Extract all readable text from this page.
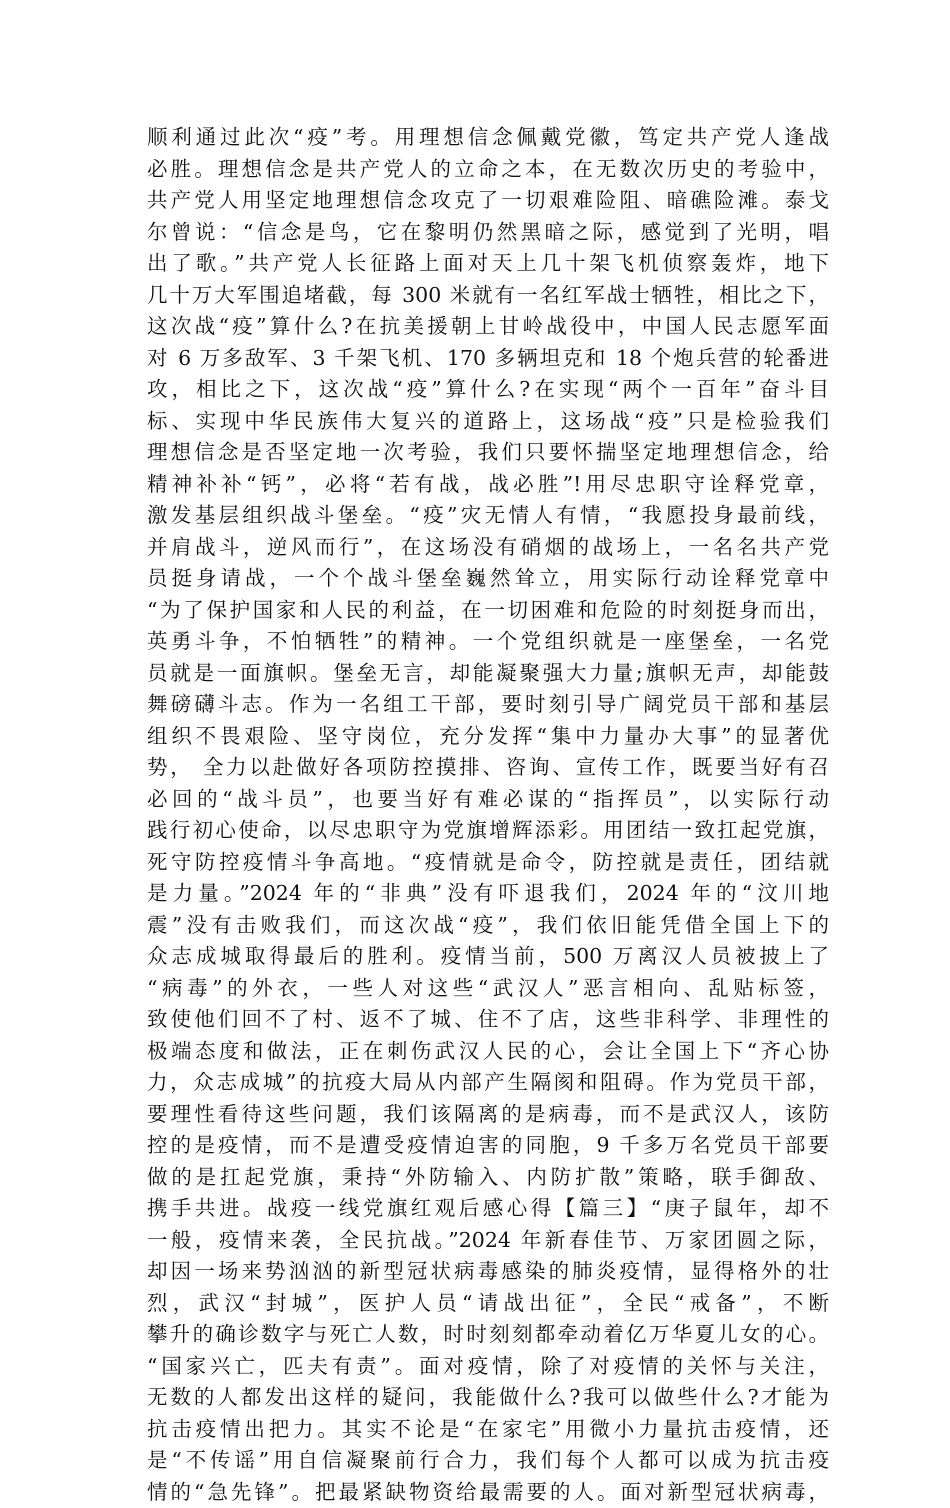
顺利通过此次“疫”考。用理想信念佩戴党徽，笃定共产党人逢战
必胜。理想信念是共产党人的立命之本，在无数次历史的考验中，
共产党人用坚定地理想信念攻克了一切艰难险阻、暗礁险滩。泰戈
尔曾说：“信念是鸟，它在黎明仍然黑暗之际，感觉到了光明，唱
出了歌。”共产党人长征路上面对天上几十架飞机侦察轰炸，地下
几十万大军围追堵截，每 300 米就有一名红军战士牺牲，相比之下，
这次战“疫”算什么?在抗美援朝上甘岭战役中，中国人民志愿军面
对 6 万多敌军、3 千架飞机、170 多辆坦克和 18 个炮兵营的轮番进
攻，相比之下，这次战“疫”算什么?在实现“两个一百年”奋斗目
标、实现中华民族伟大复兴的道路上，这场战“疫”只是检验我们
理想信念是否坚定地一次考验，我们只要怀揣坚定地理想信念，给
精神补补“钙”，必将“若有战，战必胜”!用尽忠职守诠释党章，
激发基层组织战斗堡垒。“疫”灾无情人有情，“我愿投身最前线，
并肩战斗，逆风而行”，在这场没有硝烟的战场上，一名名共产党
员挺身请战，一个个战斗堡垒巍然耸立，用实际行动诠释党章中
“为了保护国家和人民的利益，在一切困难和危险的时刻挺身而出，
英勇斗争，不怕牺牲”的精神。一个党组织就是一座堡垒，一名党
员就是一面旗帜。堡垒无言，却能凝聚强大力量;旗帜无声，却能鼓
舞磅礴斗志。作为一名组工干部，要时刻引导广阔党员干部和基层
组织不畏艰险、坚守岗位，充分发挥“集中力量办大事”的显著优
势， 全力以赴做好各项防控摸排、咨询、宣传工作，既要当好有召
必回的“战斗员”，也要当好有难必谋的“指挥员”，以实际行动
践行初心使命，以尽忠职守为党旗增辉添彩。用团结一致扛起党旗，
死守防控疫情斗争高地。“疫情就是命令，防控就是责任，团结就
是力量。”2024 年的“非典”没有吓退我们，2024 年的“汶川地
震”没有击败我们，而这次战“疫”，我们依旧能凭借全国上下的
众志成城取得最后的胜利。疫情当前，500 万离汉人员被披上了
“病毒”的外衣，一些人对这些“武汉人”恶言相向、乱贴标签，
致使他们回不了村、返不了城、住不了店，这些非科学、非理性的
极端态度和做法，正在刺伤武汉人民的心，会让全国上下“齐心协
力，众志成城”的抗疫大局从内部产生隔阂和阻碍。作为党员干部，
要理性看待这些问题，我们该隔离的是病毒，而不是武汉人，该防
控的是疫情，而不是遭受疫情迫害的同胞，9 千多万名党员干部要
做的是扛起党旗，秉持“外防输入、内防扩散”策略，联手御敌、
携手共进。战疫一线党旗红观后感心得【篇三】“庚子鼠年，却不
一般，疫情来袭，全民抗战。”2024 年新春佳节、万家团圆之际，
却因一场来势汹汹的新型冠状病毒感染的肺炎疫情，显得格外的壮
烈，武汉“封城”，医护人员“请战出征”，全民“戒备”，不断
攀升的确诊数字与死亡人数，时时刻刻都牵动着亿万华夏儿女的心。
“国家兴亡，匹夫有责”。面对疫情，除了对疫情的关怀与关注，
无数的人都发出这样的疑问，我能做什么?我可以做些什么?才能为
抗击疫情出把力。其实不论是“在家宅”用微小力量抗击疫情，还
是“不传谣”用自信凝聚前行合力，我们每个人都可以成为抗击疫
情的“急先锋”。把最紧缺物资给最需要的人。面对新型冠状病毒，
